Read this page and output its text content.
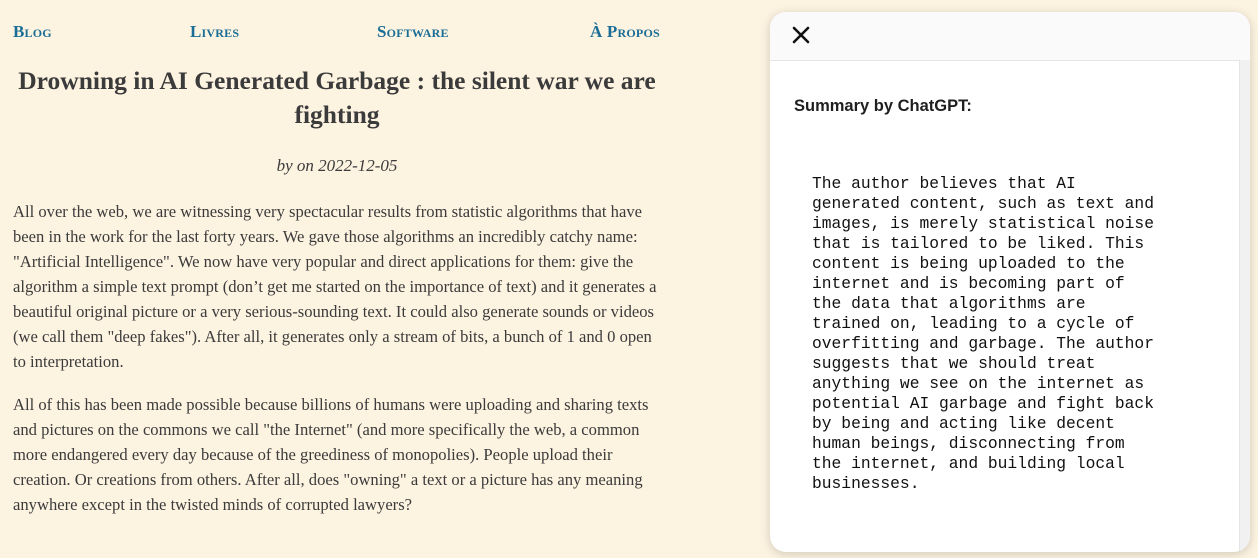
Blog	Livres	Software	À Propos
Drowning in AI Generated Garbage : the silent war we are fighting

by on 2022-12-05

All over the web, we are witnessing very spectacular results from statistic algorithms that have been in the work for the last forty years. We gave those algorithms an incredibly catchy name: "Artificial Intelligence". We now have very popular and direct applications for them: give the algorithm a simple text prompt (don’t get me started on the importance of text) and it generates a beautiful original picture or a very serious-sounding text. It could also generate sounds or videos (we call them "deep fakes"). After all, it generates only a stream of bits, a bunch of 1 and 0 open to interpretation.

All of this has been made possible because billions of humans were uploading and sharing texts and pictures on the commons we call "the Internet" (and more specifically the web, a common more endangered every day because of the greediness of monopolies). People upload their creation. Or creations from others. After all, does "owning" a text or a picture has any meaning anywhere except in the twisted minds of corrupted lawyers?

Summary by ChatGPT:

The author believes that AI
generated content, such as text and
images, is merely statistical noise
that is tailored to be liked. This
content is being uploaded to the
internet and is becoming part of
the data that algorithms are
trained on, leading to a cycle of
overfitting and garbage. The author
suggests that we should treat
anything we see on the internet as
potential AI garbage and fight back
by being and acting like decent
human beings, disconnecting from
the internet, and building local
businesses.
